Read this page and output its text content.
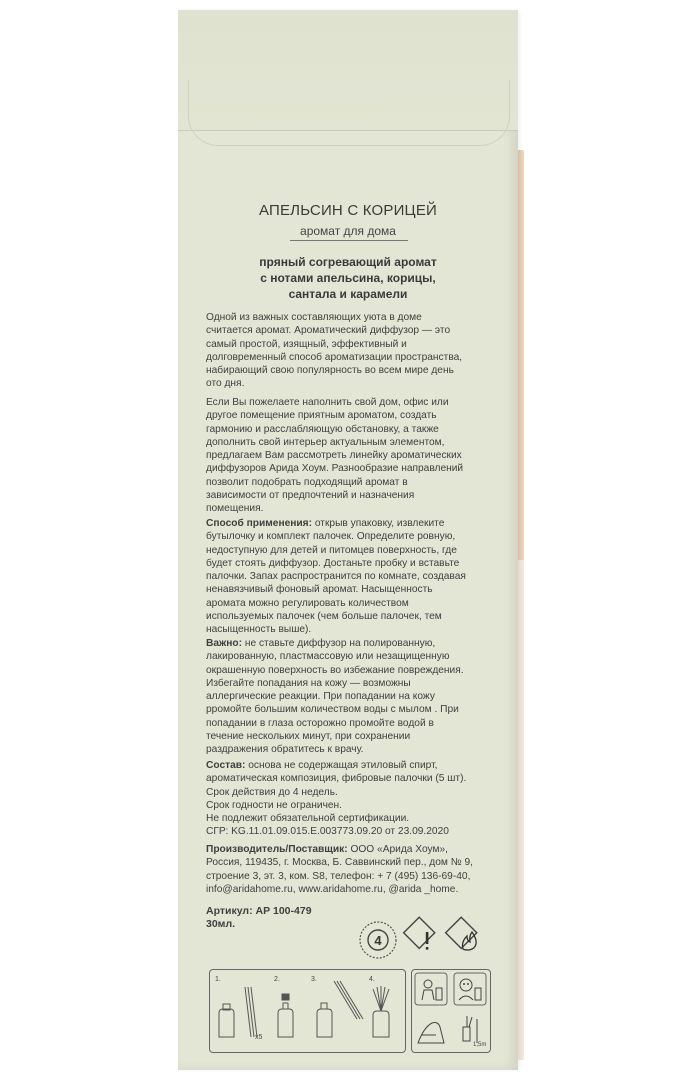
АПЕЛЬСИН С КОРИЦЕЙ
аромат для дома
пряный согревающий аромат
с нотами апельсина, корицы,
сантала и карамели

Одной из важных составляющих уюта в доме
считается аромат. Ароматический диффузор — это
самый простой, изящный, эффективный и
долговременный способ ароматизации пространства,
набирающий свою популярность во всем мире день
ото дня.

Если Вы пожелаете наполнить свой дом, офис или
другое помещение приятным ароматом, создать
гармонию и расслабляющую обстановку, а также
дополнить свой интерьер актуальным элементом,
предлагаем Вам рассмотреть линейку ароматических
диффузоров Арида Хоум. Разнообразие направлений
позволит подобрать подходящий аромат в
зависимости от предпочтений и назначения
помещения.

Способ применения: открыв упаковку, извлеките
бутылочку и комплект палочек. Определите ровную,
недоступную для детей и питомцев поверхность, где
будет стоять диффузор. Достаньте пробку и вставьте
палочки. Запах распространится по комнате, создавая
ненавязчивый фоновый аромат. Насыщенность
аромата можно регулировать количеством
используемых палочек (чем больше палочек, тем
насыщенность выше).

Важно: не ставьте диффузор на полированную,
лакированную, пластмассовую или незащищенную
окрашенную поверхность во избежание повреждения.
Избегайте попадания на кожу — возможны
аллергические реакции. При попадании на кожу
pромойте большим количеством воды с мылом . При
попадании в глаза осторожно промойте водой в
течение нескольких минут, при сохранении
раздражения обратитесь к врачу.

Состав: основа не содержащая этиловый спирт,
ароматическая композиция, фибровые палочки (5 шт).
Срок действия до 4 недель.
Срок годности не ограничен.
Не подлежит обязательной сертификации.
СГР: KG.11.01.09.015.Е.003773.09.20 от 23.09.2020

Производитель/Поставщик: ООО «Арида Хоум»,
Россия, 119435, г. Москва, Б. Саввинский пер., дом № 9,
строение 3, эт. 3, ком. S8, телефон: + 7 (495) 136-69-40,
info@aridahome.ru, www.aridahome.ru, @arida _home.

Артикул: АР 100-479
30мл.
4
1.	2.	3.	4.
x5
1,5m
